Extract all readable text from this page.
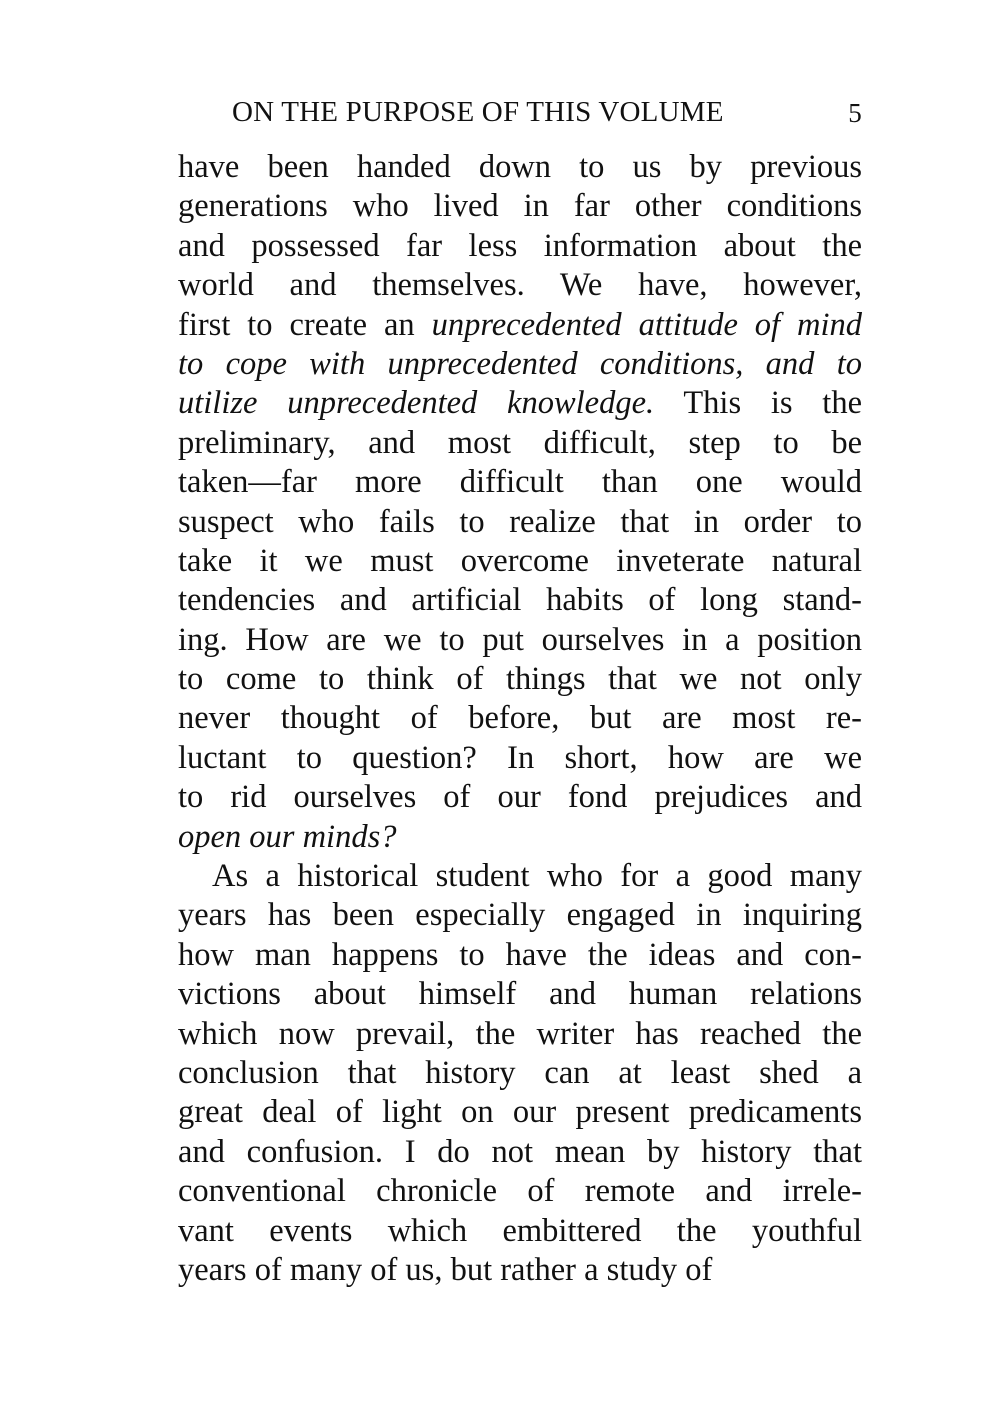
ON THE PURPOSE OF THIS VOLUME	5
have been handed down to us by previous
generations who lived in far other conditions
and possessed far less information about the
world and themselves. We have, however,
first to create an unprecedented attitude of mind
to cope with unprecedented conditions, and to
utilize unprecedented knowledge. This is the
preliminary, and most difficult, step to be
taken—far more difficult than one would
suspect who fails to realize that in order to
take it we must overcome inveterate natural
tendencies and artificial habits of long stand-
ing. How are we to put ourselves in a position
to come to think of things that we not only
never thought of before, but are most re-
luctant to question? In short, how are we
to rid ourselves of our fond prejudices and
open our minds?
As a historical student who for a good many
years has been especially engaged in inquiring
how man happens to have the ideas and con-
victions about himself and human relations
which now prevail, the writer has reached the
conclusion that history can at least shed a
great deal of light on our present predicaments
and confusion. I do not mean by history that
conventional chronicle of remote and irrele-
vant events which embittered the youthful
years of many of us, but rather a study of
